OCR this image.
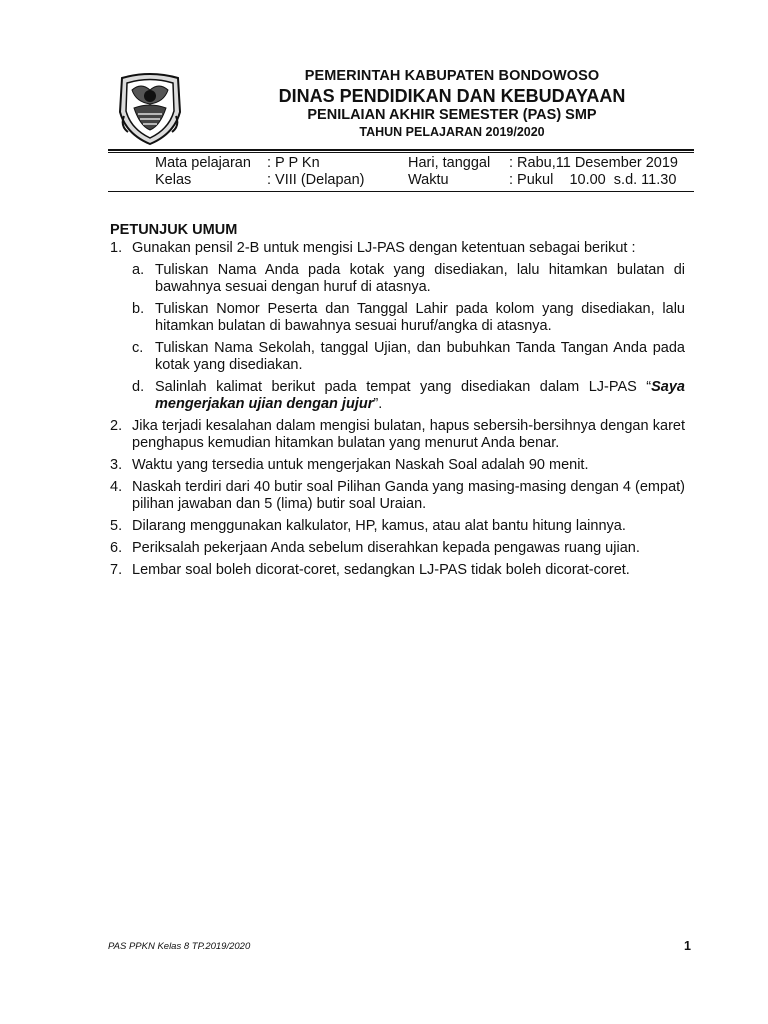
PEMERINTAH KABUPATEN BONDOWOSO
DINAS PENDIDIKAN DAN KEBUDAYAAN
PENILAIAN AKHIR SEMESTER (PAS) SMP
TAHUN PELAJARAN 2019/2020
Mata pelajaran : P P Kn	Hari, tanggal : Rabu,11 Desember 2019
Kelas	: VIII (Delapan)	Waktu	: Pukul    10.00  s.d. 11.30
PETUNJUK UMUM
1. Gunakan pensil 2-B untuk mengisi LJ-PAS dengan ketentuan sebagai berikut :
a. Tuliskan Nama Anda pada kotak yang disediakan, lalu hitamkan bulatan di bawahnya sesuai dengan huruf di atasnya.
b. Tuliskan Nomor Peserta dan Tanggal Lahir pada kolom yang disediakan, lalu hitamkan bulatan di bawahnya sesuai huruf/angka di atasnya.
c. Tuliskan Nama Sekolah, tanggal Ujian, dan bubuhkan Tanda Tangan Anda pada kotak yang disediakan.
d. Salinlah kalimat berikut pada tempat yang disediakan dalam LJ-PAS “Saya mengerjakan ujian dengan jujur”.
2. Jika terjadi kesalahan dalam mengisi bulatan, hapus sebersih-bersihnya dengan karet penghapus kemudian hitamkan bulatan yang menurut Anda benar.
3. Waktu yang tersedia untuk mengerjakan Naskah Soal adalah 90 menit.
4. Naskah terdiri dari 40 butir soal Pilihan Ganda yang masing-masing dengan 4 (empat) pilihan jawaban dan 5 (lima) butir soal Uraian.
5. Dilarang menggunakan kalkulator, HP, kamus, atau alat bantu hitung lainnya.
6. Periksalah pekerjaan Anda sebelum diserahkan kepada pengawas ruang ujian.
7. Lembar soal boleh dicorat-coret, sedangkan LJ-PAS tidak boleh dicorat-coret.
PAS PPKN Kelas 8 TP.2019/2020	1
